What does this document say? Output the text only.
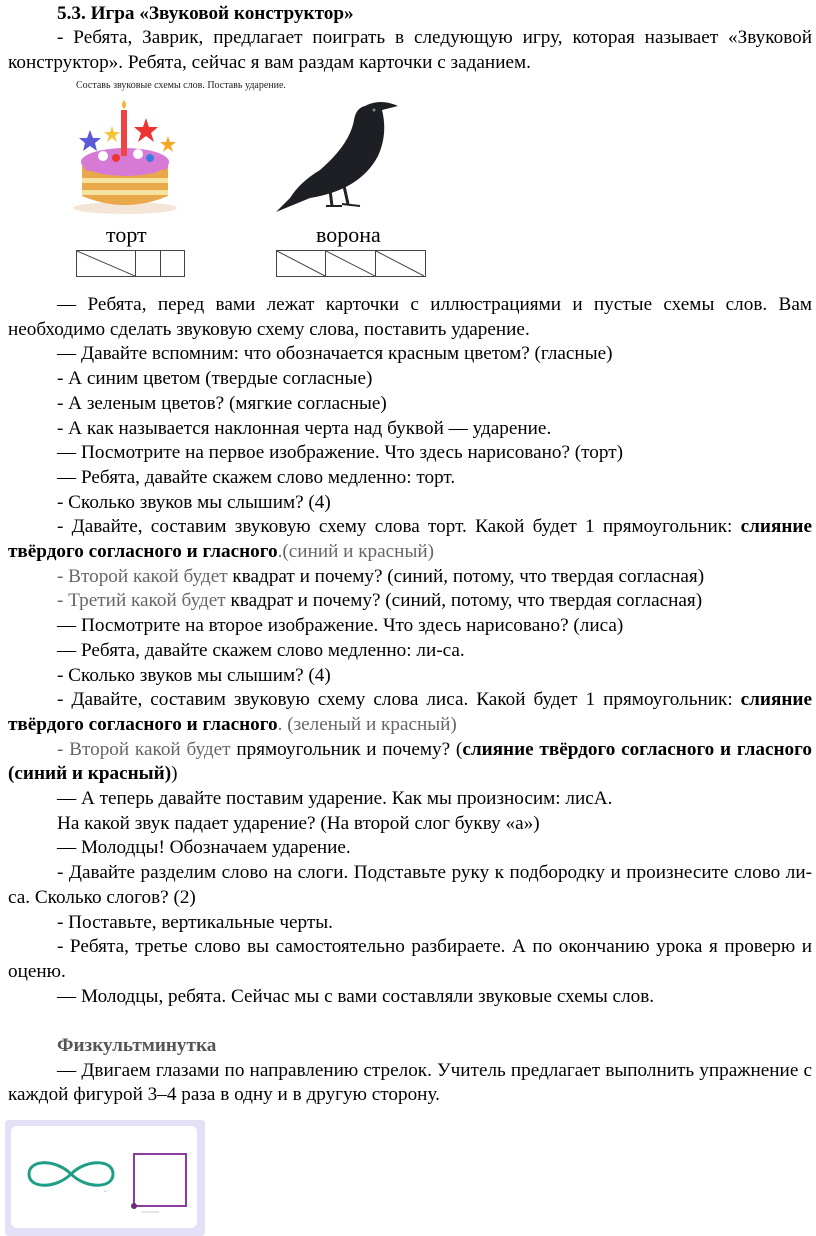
5.3. Игра «Звуковой конструктор»
- Ребята, Заврик, предлагает поиграть в следующую игру, которая называет «Звуковой конструктор». Ребята, сейчас я вам раздам карточки с заданием.
Составь звуковые схемы слов. Поставь ударение.
торт	ворона
— Ребята, перед вами лежат карточки с иллюстрациями и пустые схемы слов. Вам необходимо сделать звуковую схему слова, поставить ударение.
— Давайте вспомним: что обозначается красным цветом? (гласные)
- А синим цветом (твердые согласные)
- А зеленым цветов? (мягкие согласные)
- А как называется наклонная черта над буквой — ударение.
— Посмотрите на первое изображение. Что здесь нарисовано? (торт)
— Ребята, давайте скажем слово медленно: торт.
- Сколько звуков мы слышим? (4)
- Давайте, составим звуковую схему слова торт. Какой будет 1 прямоугольник: слияние твёрдого согласного и гласного.(синий и красный)
- Второй какой будет квадрат и почему? (синий, потому, что твердая согласная)
- Третий какой будет квадрат и почему? (синий, потому, что твердая согласная)
— Посмотрите на второе изображение. Что здесь нарисовано? (лиса)
— Ребята, давайте скажем слово медленно: ли-са.
- Сколько звуков мы слышим? (4)
- Давайте, составим звуковую схему слова лиса. Какой будет 1 прямоугольник: слияние твёрдого согласного и гласного. (зеленый и красный)
- Второй какой будет прямоугольник и почему? (слияние твёрдого согласного и гласного (синий и красный))
— А теперь давайте поставим ударение. Как мы произносим: лисА.
На какой звук падает ударение? (На второй слог букву «а»)
— Молодцы! Обозначаем ударение.
- Давайте разделим слово на слоги. Подставьте руку к подбородку и произнесите слово ли-са. Сколько слогов? (2)
- Поставьте, вертикальные черты.
- Ребята, третье слово вы самостоятельно разбираете. А по окончанию урока я проверю и оценю.
— Молодцы, ребята. Сейчас мы с вами составляли звуковые схемы слов.
Физкультминутка
— Двигаем глазами по направлению стрелок. Учитель предлагает выполнить упражнение с каждой фигурой 3–4 раза в одну и в другую сторону.
→
←
